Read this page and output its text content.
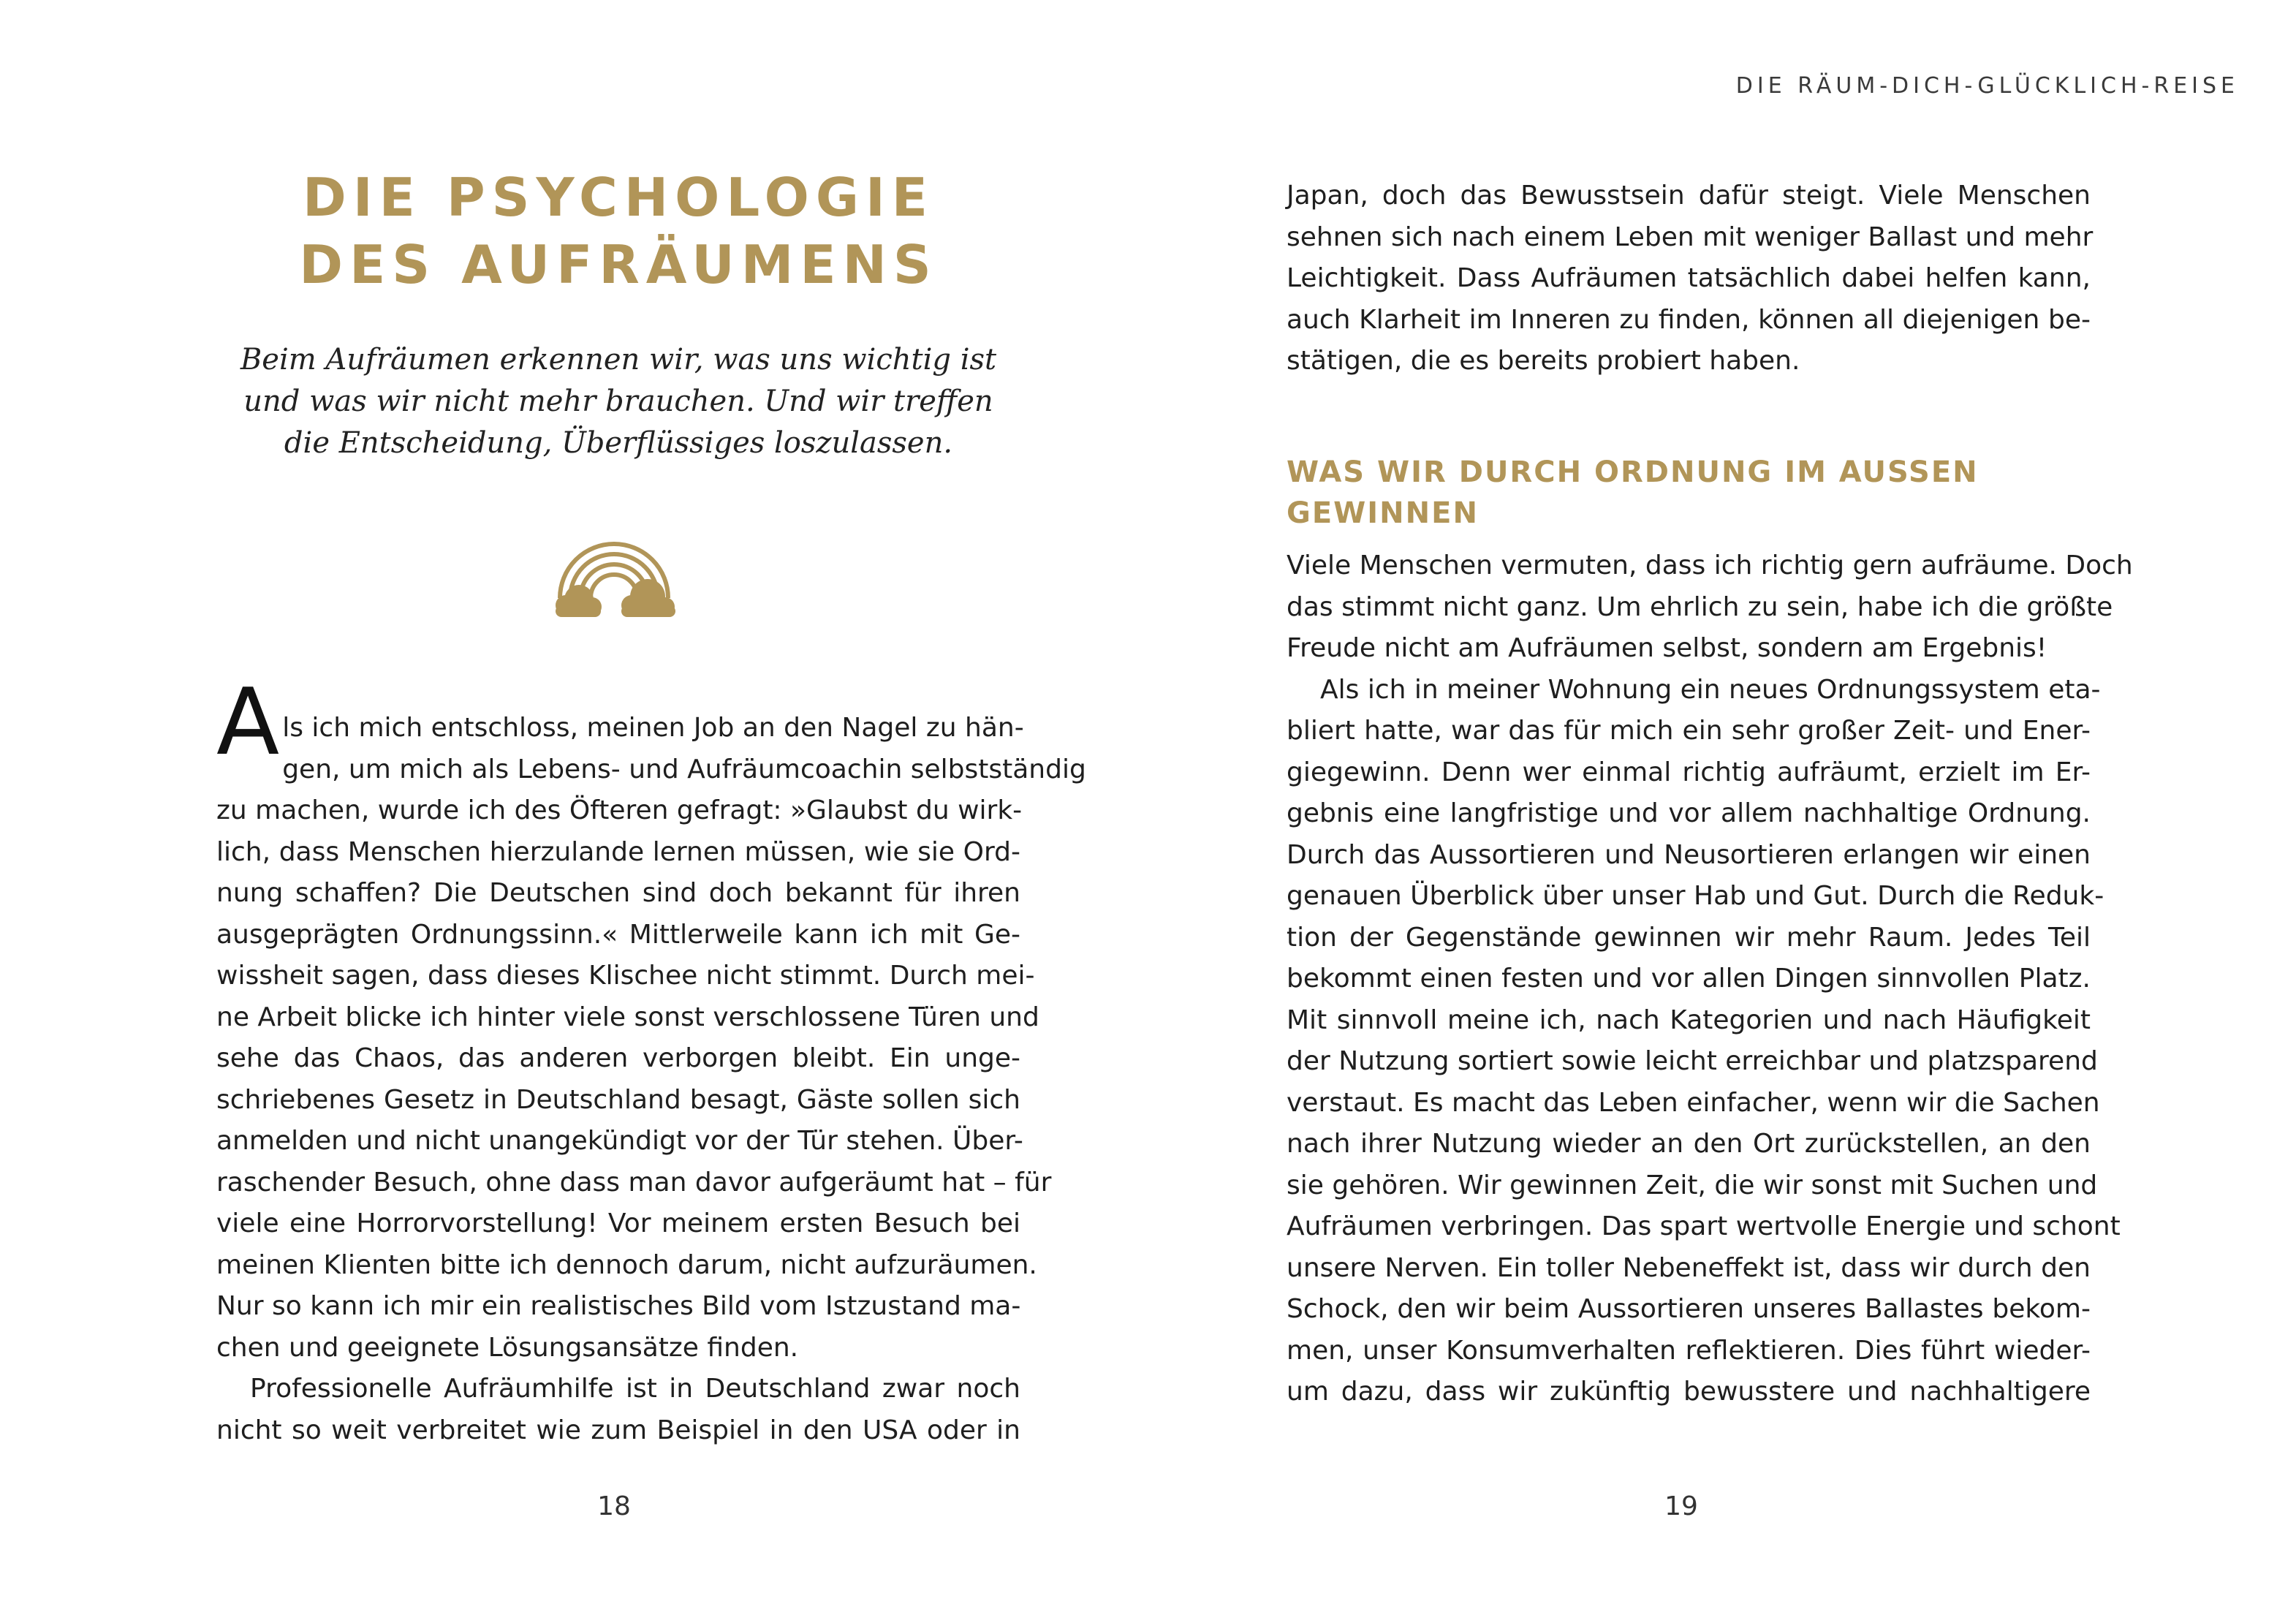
DIE PSYCHOLOGIE
DES AUFRÄUMENS

Beim Aufräumen erkennen wir, was uns wichtig ist
und was wir nicht mehr brauchen. Und wir treffen
die Entscheidung, Überflüssiges loszulassen.

A ls ich mich entschloss, meinen Job an den Nagel zu hän-
gen, um mich als Lebens- und Aufräumcoachin selbstständig
zu machen, wurde ich des Öfteren gefragt: »Glaubst du wirk-
lich, dass Menschen hierzulande lernen müssen, wie sie Ord-
nung schaffen? Die Deutschen sind doch bekannt für ihren
ausgeprägten Ordnungssinn.« Mittlerweile kann ich mit Ge-
wissheit sagen, dass dieses Klischee nicht stimmt. Durch mei-
ne Arbeit blicke ich hinter viele sonst verschlossene Türen und
sehe das Chaos, das anderen verborgen bleibt. Ein unge-
schriebenes Gesetz in Deutschland besagt, Gäste sollen sich
anmelden und nicht unangekündigt vor der Tür stehen. Über-
raschender Besuch, ohne dass man davor aufgeräumt hat – für
viele eine Horrorvorstellung! Vor meinem ersten Besuch bei
meinen Klienten bitte ich dennoch darum, nicht aufzuräumen.
Nur so kann ich mir ein realistisches Bild vom Istzustand ma-
chen und geeignete Lösungsansätze finden.
Professionelle Aufräumhilfe ist in Deutschland zwar noch
nicht so weit verbreitet wie zum Beispiel in den USA oder in
18
DIE RÄUM-DICH-GLÜCKLICH-REISE
Japan, doch das Bewusstsein dafür steigt. Viele Menschen
sehnen sich nach einem Leben mit weniger Ballast und mehr
Leichtigkeit. Dass Aufräumen tatsächlich dabei helfen kann,
auch Klarheit im Inneren zu finden, können all diejenigen be-
stätigen, die es bereits probiert haben.
WAS WIR DURCH ORDNUNG IM AUSSEN
GEWINNEN
Viele Menschen vermuten, dass ich richtig gern aufräume. Doch
das stimmt nicht ganz. Um ehrlich zu sein, habe ich die größte
Freude nicht am Aufräumen selbst, sondern am Ergebnis!
Als ich in meiner Wohnung ein neues Ordnungssystem eta-
bliert hatte, war das für mich ein sehr großer Zeit- und Ener-
giegewinn. Denn wer einmal richtig aufräumt, erzielt im Er-
gebnis eine langfristige und vor allem nachhaltige Ordnung.
Durch das Aussortieren und Neusortieren erlangen wir einen
genauen Überblick über unser Hab und Gut. Durch die Reduk-
tion der Gegenstände gewinnen wir mehr Raum. Jedes Teil
bekommt einen festen und vor allen Dingen sinnvollen Platz.
Mit sinnvoll meine ich, nach Kategorien und nach Häufigkeit
der Nutzung sortiert sowie leicht erreichbar und platzsparend
verstaut. Es macht das Leben einfacher, wenn wir die Sachen
nach ihrer Nutzung wieder an den Ort zurückstellen, an den
sie gehören. Wir gewinnen Zeit, die wir sonst mit Suchen und
Aufräumen verbringen. Das spart wertvolle Energie und schont
unsere Nerven. Ein toller Nebeneffekt ist, dass wir durch den
Schock, den wir beim Aussortieren unseres Ballastes bekom-
men, unser Konsumverhalten reflektieren. Dies führt wieder-
um dazu, dass wir zukünftig bewusstere und nachhaltigere
19
